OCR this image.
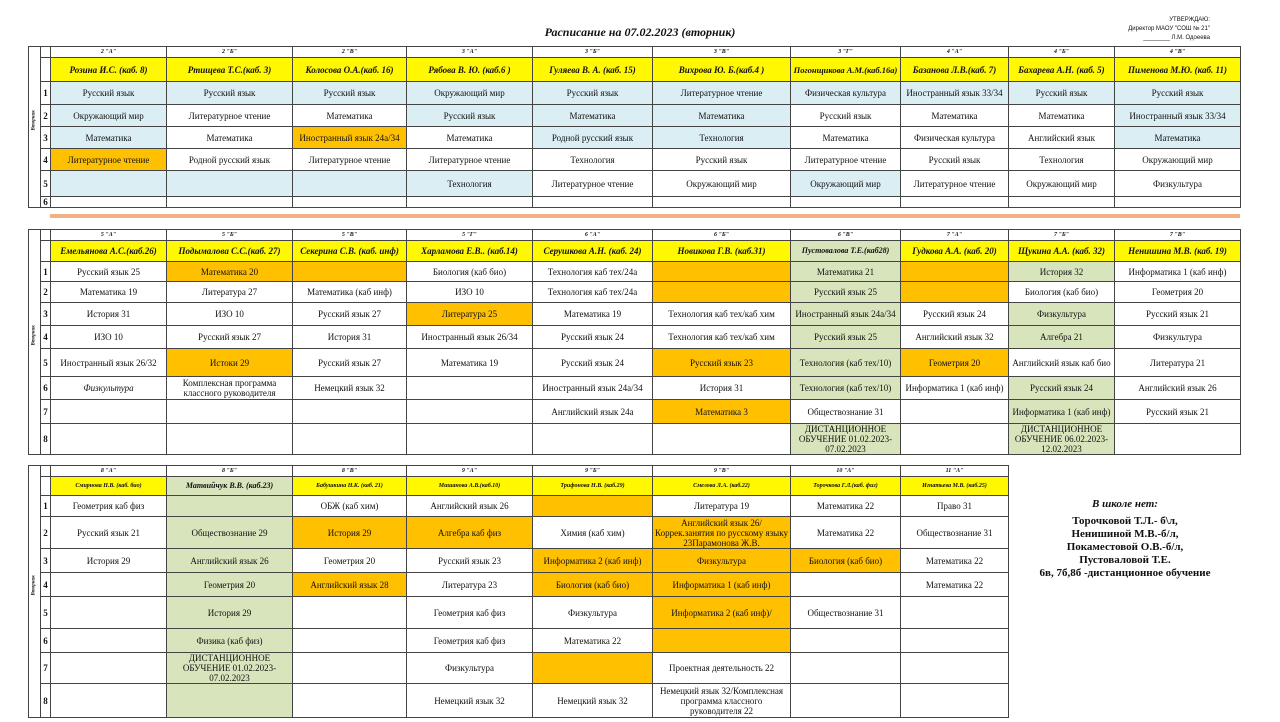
Расписание на 07.02.2023 (вторник)
УТВЕРЖДАЮ:
Директор МАОУ "СОШ № 21"
________ Л.М. Одоеева
Вторник		2 "А"	2 "Б"	2 "В"	3 "А"	3 "Б"	3 "В"	3 "Г"	4 "А"	4 "Б"	4 "В"
		Розина И.С. (каб. 8)	Ртищева Т.С.(каб. 3)	Колосова О.А.(каб. 16)	Рябова В. Ю. (каб.6 )	Гуляева В. А. (каб. 15)	Вихрова Ю. Б.(каб.4 )	Погонщикова А.М.(каб.16а)	Базанова Л.В.(каб. 7)	Бахарева А.Н. (каб. 5)	Пименова М.Ю. (каб. 11)
	1	Русский язык	Русский язык	Русский язык	Окружающий мир	Русский язык	Литературное чтение	Физическая культура	Иностранный язык 33/34	Русский язык	Русский язык
	2	Окружающий мир	Литературное чтение	Математика	Русский язык	Математика	Математика	Русский язык	Математика	Математика	Иностранный язык 33/34
	3	Математика	Математика	Иностранный язык 24а/34	Математика	Родной русский язык	Технология	Математика	Физическая культура	Английский язык	Математика
	4	Литературное чтение	Родной русский язык	Литературное чтение	Литературное чтение	Технология	Русский язык	Литературное чтение	Русский язык	Технология	Окружающий мир
	5				Технология	Литературное чтение	Окружающий мир	Окружающий мир	Литературное чтение	Окружающий мир	Физкультура
	6										
Вторник		5 "А"	5 "Б"	5 "В"	5 "Г"	6 "А"	6 "Б"	6 "В"	7 "А"	7 "Б"	7 "В"
		Емельянова А.С.(каб.26)	Подымалова С.С.(каб. 27)	Секерина С.В. (каб. инф)	Харламова Е.В.. (каб.14)	Серушкова А.Н. (каб. 24)	Новикова Г.В. (каб.31)	Пустовалова Т.Е.(каб28)	Гудкова А.А. (каб. 20)	Щукина А.А. (каб. 32)	Ненишина М.В. (каб. 19)
	1	Русский язык 25	Математика 20		Биология (каб био)	Технология каб тех/24а		Математика 21		История 32	Информатика 1 (каб инф)
	2	Математика 19	Литература 27	Математика (каб инф)	ИЗО 10	Технология каб тех/24а		Русский язык 25		Биология (каб био)	Геометрия 20
	3	История 31	ИЗО 10	Русский язык 27	Литература 25	Математика 19	Технология каб тех/каб хим	Иностранный язык 24а/34	Русский язык 24	Физкультура	Русский язык 21
	4	ИЗО 10	Русский язык 27	История 31	Иностранный язык 26/34	Русский язык 24	Технология каб тех/каб хим	Русский язык 25	Английский язык 32	Алгебра 21	Физкультура
	5	Иностранный язык 26/32	Истоки 29	Русский язык 27	Математика 19	Русский язык 24	Русский язык 23	Технология (каб тех/10)	Геометрия 20	Английский язык каб био	Литература 21
	6	Физкультура	Комплексная программа классного руководителя	Немецкий язык 32		Иностранный язык 24а/34	История 31	Технология (каб тех/10)	Информатика 1 (каб инф)	Русский язык 24	Английский язык 26
	7					Английский язык 24а	Математика 3	Обществознание 31		Информатика 1 (каб инф)	Русский язык 21
	8							ДИСТАНЦИОННОЕ ОБУЧЕНИЕ 01.02.2023-07.02.2023		ДИСТАНЦИОННОЕ ОБУЧЕНИЕ 06.02.2023-12.02.2023	
Вторник		8 "А"	8 "Б"	8 "В"	9 "А"	9 "Б"	9 "В"	10 "А"	11 "А"
		Смирнова Н.В. (каб. био)	Матвийчук В.В. (каб.23)	Бабушкина Н.К. (каб. 21)	Мишанова А.В.(каб.10)	Трифонова Н.В. (каб.29)	Смелова Л.А. (каб.22)	Торочкова Г.Л.(каб. физ)	Игнатьева М.В. (каб.25)
	1	Геометрия каб физ		ОБЖ (каб хим)	Английский язык 26		Литература 19	Математика 22	Право 31
	2	Русский язык 21	Обществознание 29	История 29	Алгебра каб физ	Химия (каб хим)	Английский язык 26/ Коррек.занятия по русскому языку 23Парамонова Ж.В.	Математика 22	Обществознание 31
	3	История 29	Английский язык 26	Геометрия 20	Русский язык 23	Информатика 2 (каб инф)	Физкультура	Биология (каб био)	Математика 22
	4		Геометрия 20	Английский язык 28	Литература 23	Биология (каб био)	Информатика 1 (каб инф)		Математика 22
	5		История 29		Геометрия каб физ	Физкультура	Информатика 2 (каб инф)/	Обществознание 31	
	6		Физика (каб физ)		Геометрия каб физ	Математика 22			
	7		ДИСТАНЦИОННОЕ ОБУЧЕНИЕ 01.02.2023-07.02.2023		Физкультура		Проектная деятельность 22		
	8				Немецкий язык 32	Немецкий язык 32	Немецкий язык 32/Комплексная программа классного руководителя 22		
В школе нет:
Торочковой Т.Л.- б\л,
Ненишиной М.В.-б/л,
Покаместовой О.В.-б/л,
Пустоваловой Т.Е.
6в, 7б,8б -дистанционное обучение
